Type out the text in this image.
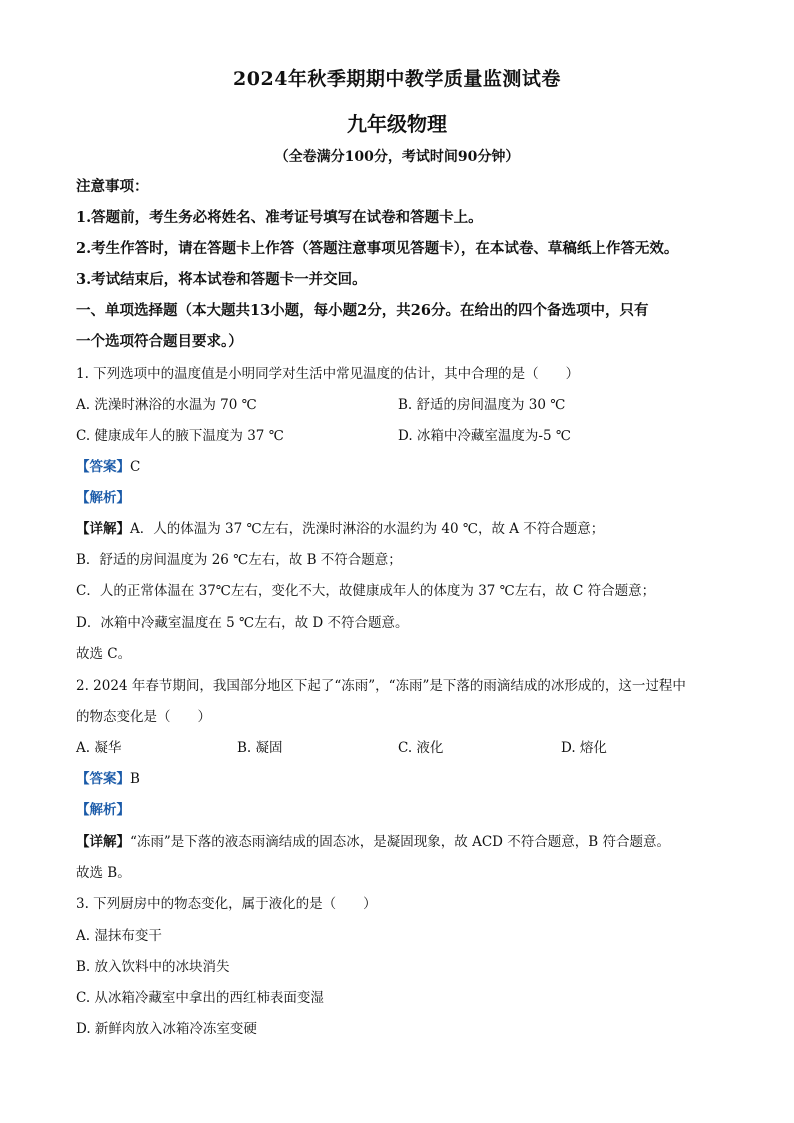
2024年秋季期期中教学质量监测试卷
九年级物理
（全卷满分100分，考试时间90分钟）
注意事项：
1.答题前，考生务必将姓名、准考证号填写在试卷和答题卡上。
2.考生作答时，请在答题卡上作答（答题注意事项见答题卡），在本试卷、草稿纸上作答无效。
3.考试结束后，将本试卷和答题卡一并交回。
一、单项选择题（本大题共13小题，每小题2分，共26分。在给出的四个备选项中，只有
一个选项符合题目要求。）
1. 下列选项中的温度值是小明同学对生活中常见温度的估计，其中合理的是（　　）
A. 洗澡时淋浴的水温为 70 ℃	B. 舒适的房间温度为 30 ℃
C. 健康成年人的腋下温度为 37 ℃	D. 冰箱中冷藏室温度为-5 ℃
【答案】C
【解析】
【详解】A．人的体温为 37 ℃左右，洗澡时淋浴的水温约为 40 ℃，故 A 不符合题意；
B．舒适的房间温度为 26 ℃左右，故 B 不符合题意；
C．人的正常体温在 37℃左右，变化不大，故健康成年人的体度为 37 ℃左右，故 C 符合题意；
D．冰箱中冷藏室温度在 5 ℃左右，故 D 不符合题意。
故选 C。
2. 2024 年春节期间，我国部分地区下起了“冻雨”，“冻雨”是下落的雨滴结成的冰形成的，这一过程中
的物态变化是（　　）
A. 凝华	B. 凝固	C. 液化	D. 熔化
【答案】B
【解析】
【详解】“冻雨”是下落的液态雨滴结成的固态冰，是凝固现象，故 ACD 不符合题意，B 符合题意。
故选 B。
3. 下列厨房中的物态变化，属于液化的是（　　）
A. 湿抹布变干
B. 放入饮料中的冰块消失
C. 从冰箱冷藏室中拿出的西红柿表面变湿
D. 新鲜肉放入冰箱冷冻室变硬
